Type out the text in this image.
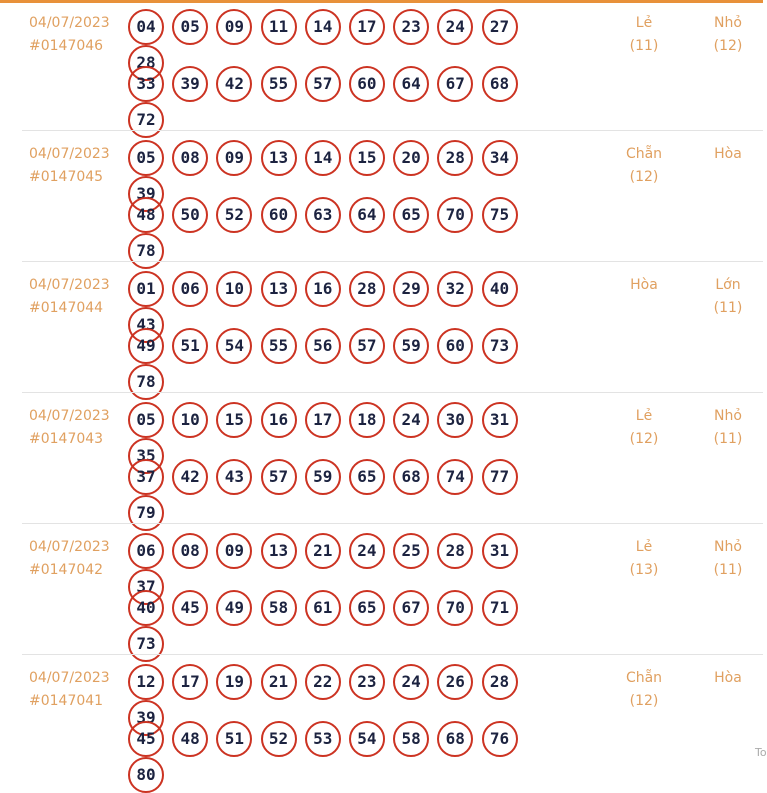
04/07/2023
#0147046
04 05 09 11 14 17 23 24 2728
33 39 42 55 57 60 64 67 6872
Lẻ
(11)
Nhỏ
(12)
04/07/2023
#0147045
05 08 09 13 14 15 20 28 3439
48 50 52 60 63 64 65 70 7578
Chẵn
(12)
Hòa
04/07/2023
#0147044
01 06 10 13 16 28 29 32 4043
49 51 54 55 56 57 59 60 7378
Hòa	Lớn
(11)
04/07/2023
#0147043
05 10 15 16 17 18 24 30 3135
37 42 43 57 59 65 68 74 7779
Lẻ
(12)
Nhỏ
(11)
04/07/2023
#0147042
06 08 09 13 21 24 25 28 3137
40 45 49 58 61 65 67 70 7173
Lẻ
(13)
Nhỏ
(11)
04/07/2023
#0147041
12 17 19 21 22 23 24 26 2839
45 48 51 52 53 54 58 68 7680
Chẵn
(12)
Hòa
To
